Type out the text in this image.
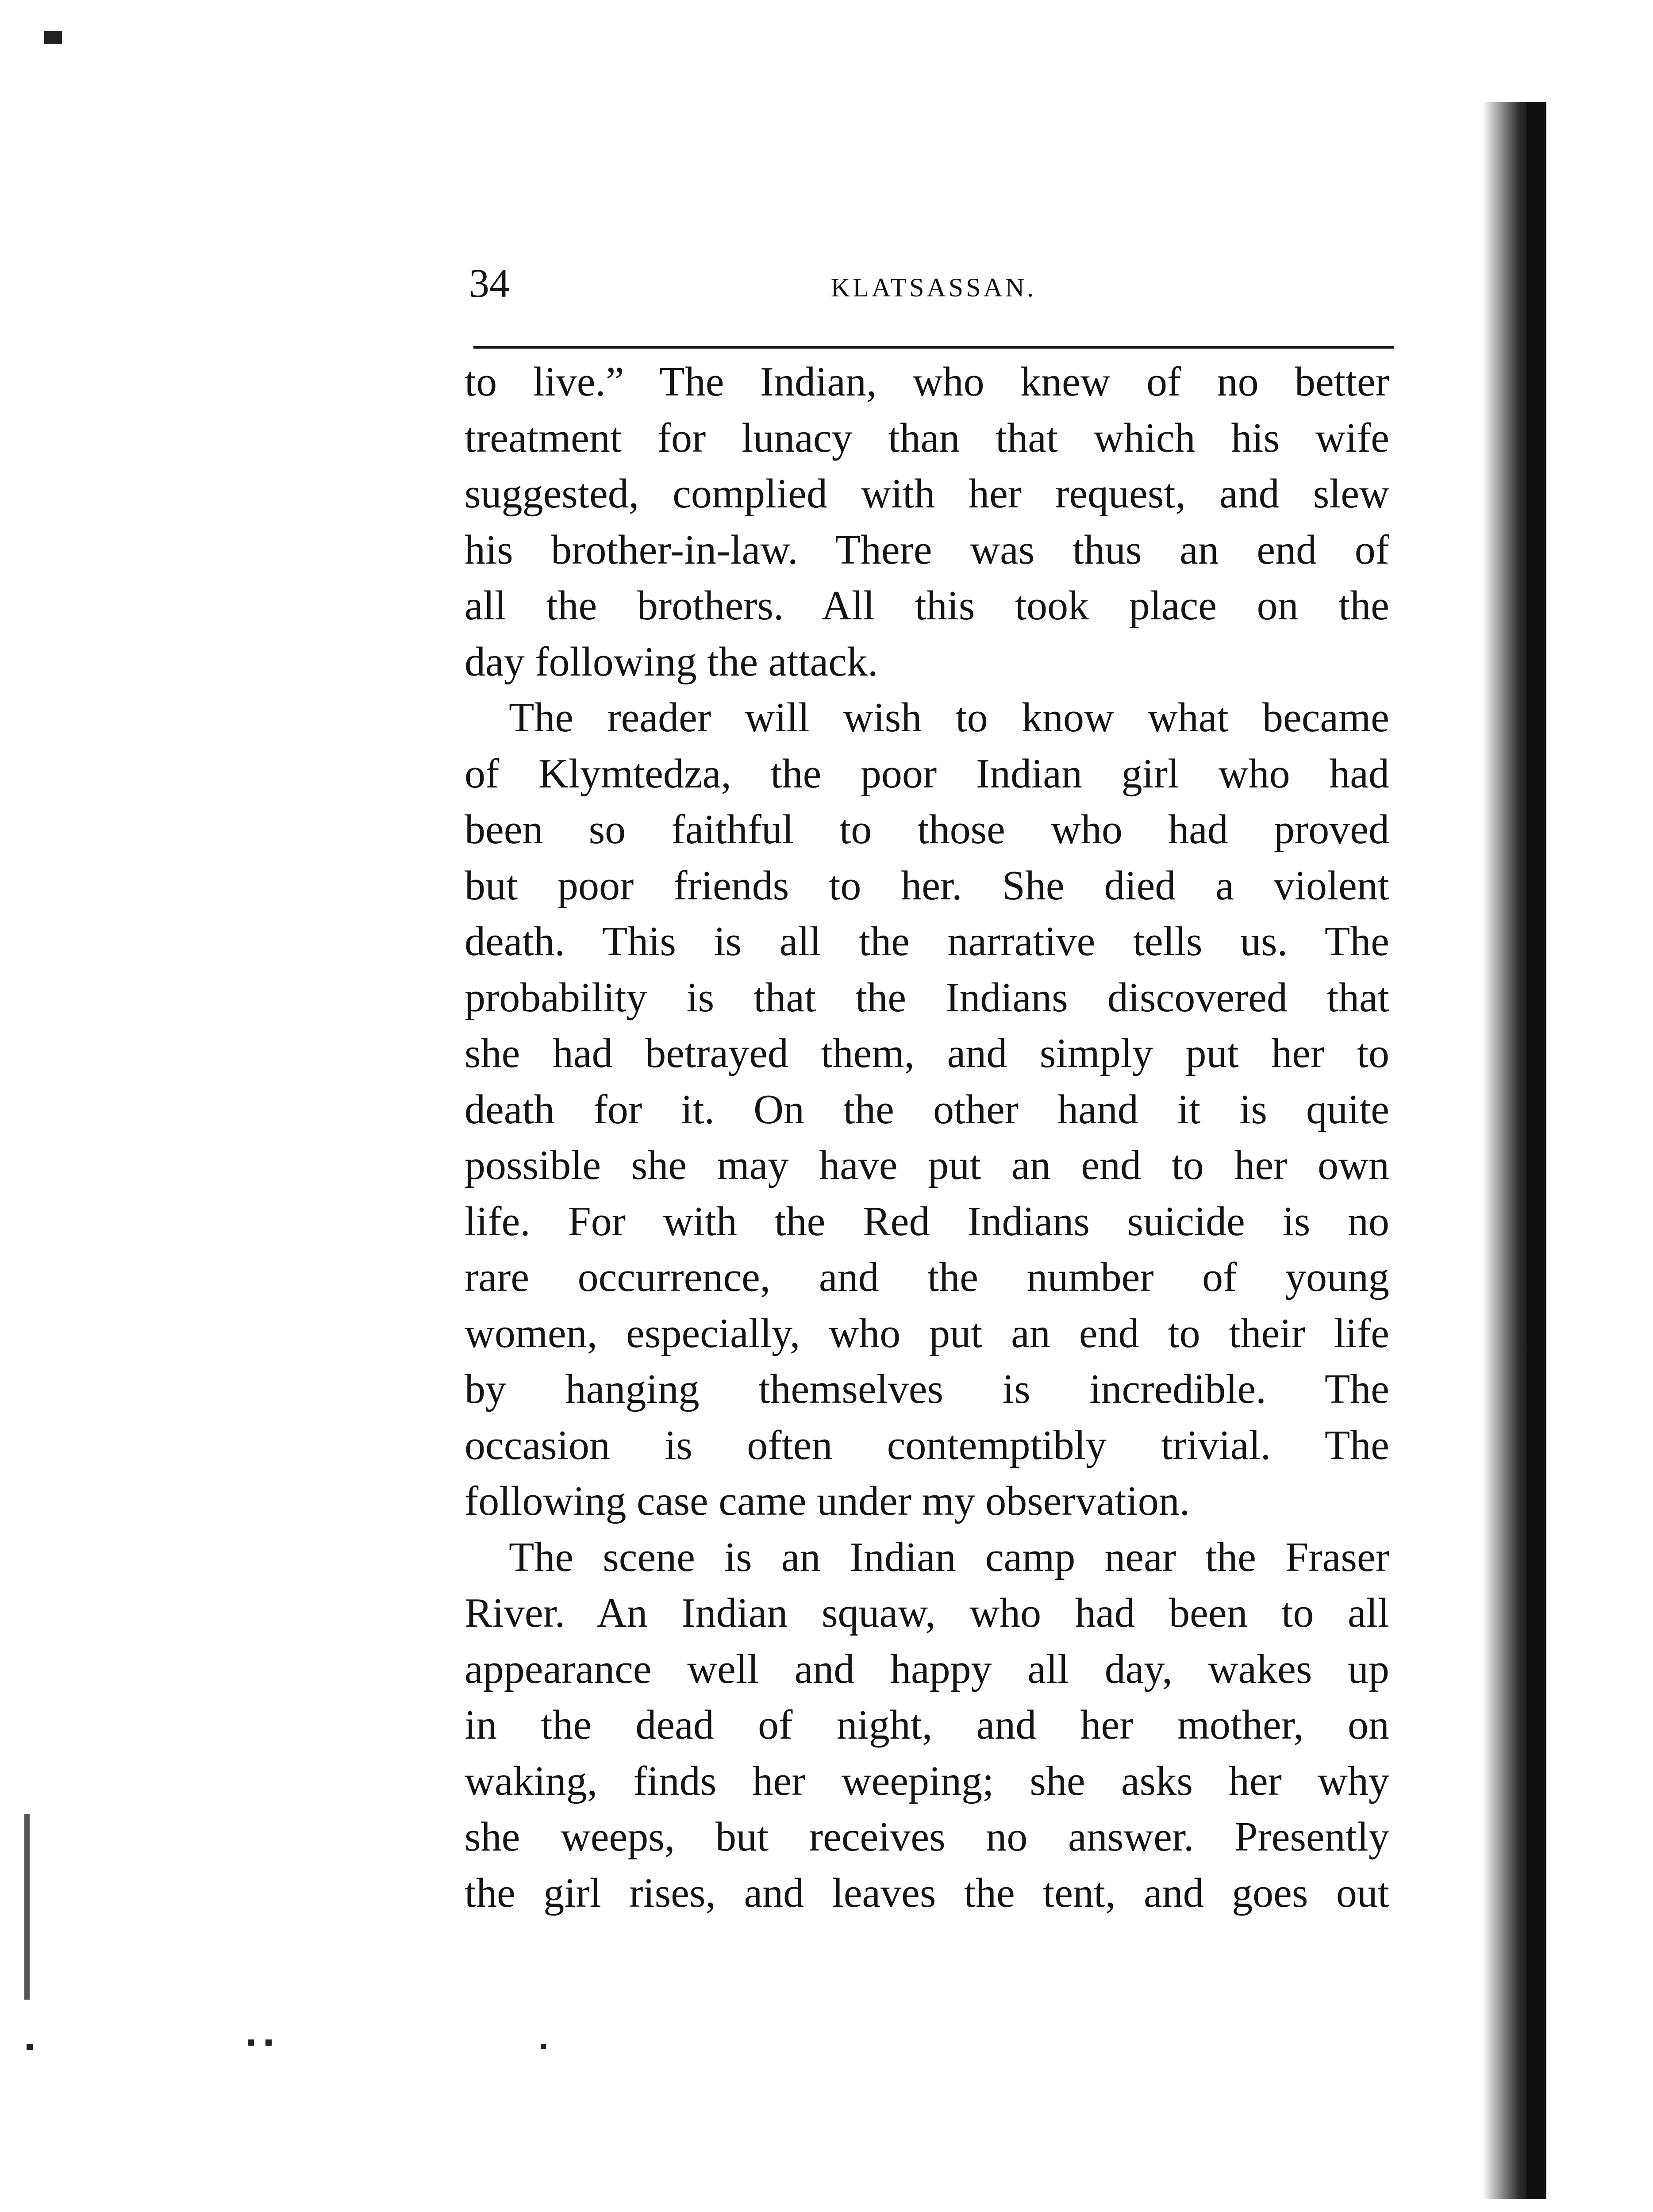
34	KLATSASSAN.
to live.” The Indian, who knew of no better
treatment for lunacy than that which his wife
suggested, complied with her request, and slew
his brother-in-law. There was thus an end of
all the brothers. All this took place on the
day following the attack.
The reader will wish to know what became
of Klymtedza, the poor Indian girl who had
been so faithful to those who had proved
but poor friends to her. She died a violent
death. This is all the narrative tells us. The
probability is that the Indians discovered that
she had betrayed them, and simply put her to
death for it. On the other hand it is quite
possible she may have put an end to her own
life. For with the Red Indians suicide is no
rare occurrence, and the number of young
women, especially, who put an end to their life
by hanging themselves is incredible. The
occasion is often contemptibly trivial. The
following case came under my observation.
The scene is an Indian camp near the Fraser
River. An Indian squaw, who had been to all
appearance well and happy all day, wakes up
in the dead of night, and her mother, on
waking, finds her weeping; she asks her why
she weeps, but receives no answer. Presently
the girl rises, and leaves the tent, and goes out
